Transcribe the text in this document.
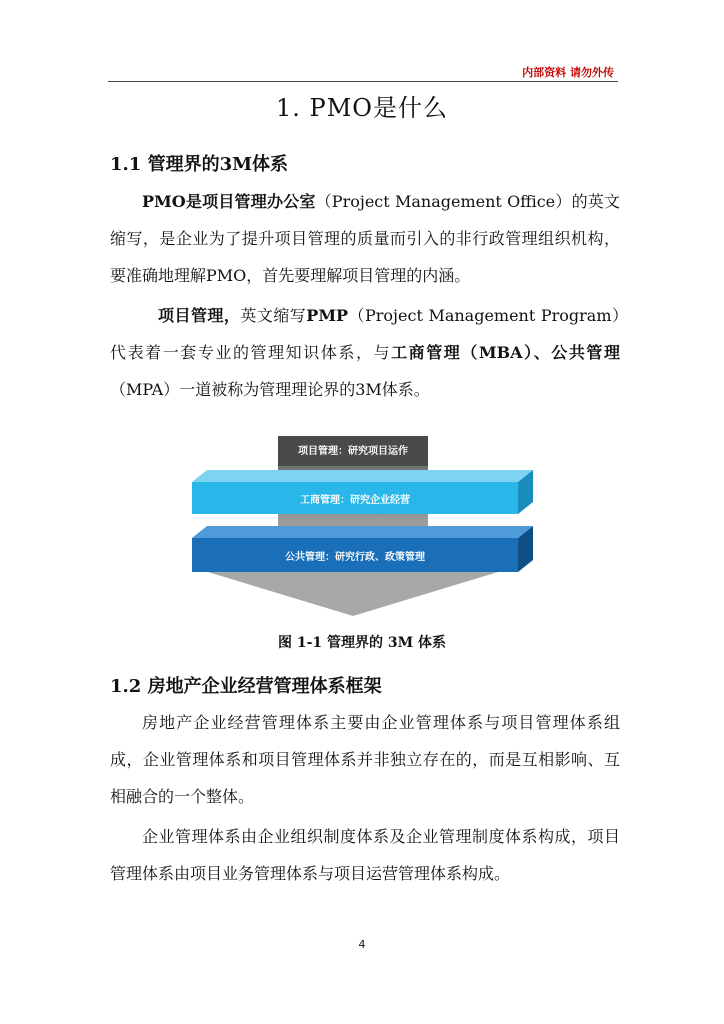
内部资料 请勿外传
1. PMO是什么
1.1 管理界的3M体系
PMO是项目管理办公室（Project Management Office）的英文缩写，是企业为了提升项目管理的质量而引入的非行政管理组织机构，要准确地理解PMO，首先要理解项目管理的内涵。
项目管理，英文缩写PMP（Project Management Program）代表着一套专业的管理知识体系，与工商管理（MBA）、公共管理（MPA）一道被称为管理理论界的3M体系。
项目管理：研究项目运作
工商管理：研究企业经营
公共管理：研究行政、政策管理
图 1-1 管理界的 3M 体系
1.2 房地产企业经营管理体系框架
房地产企业经营管理体系主要由企业管理体系与项目管理体系组成，企业管理体系和项目管理体系并非独立存在的，而是互相影响、互相融合的一个整体。
企业管理体系由企业组织制度体系及企业管理制度体系构成，项目管理体系由项目业务管理体系与项目运营管理体系构成。
4
